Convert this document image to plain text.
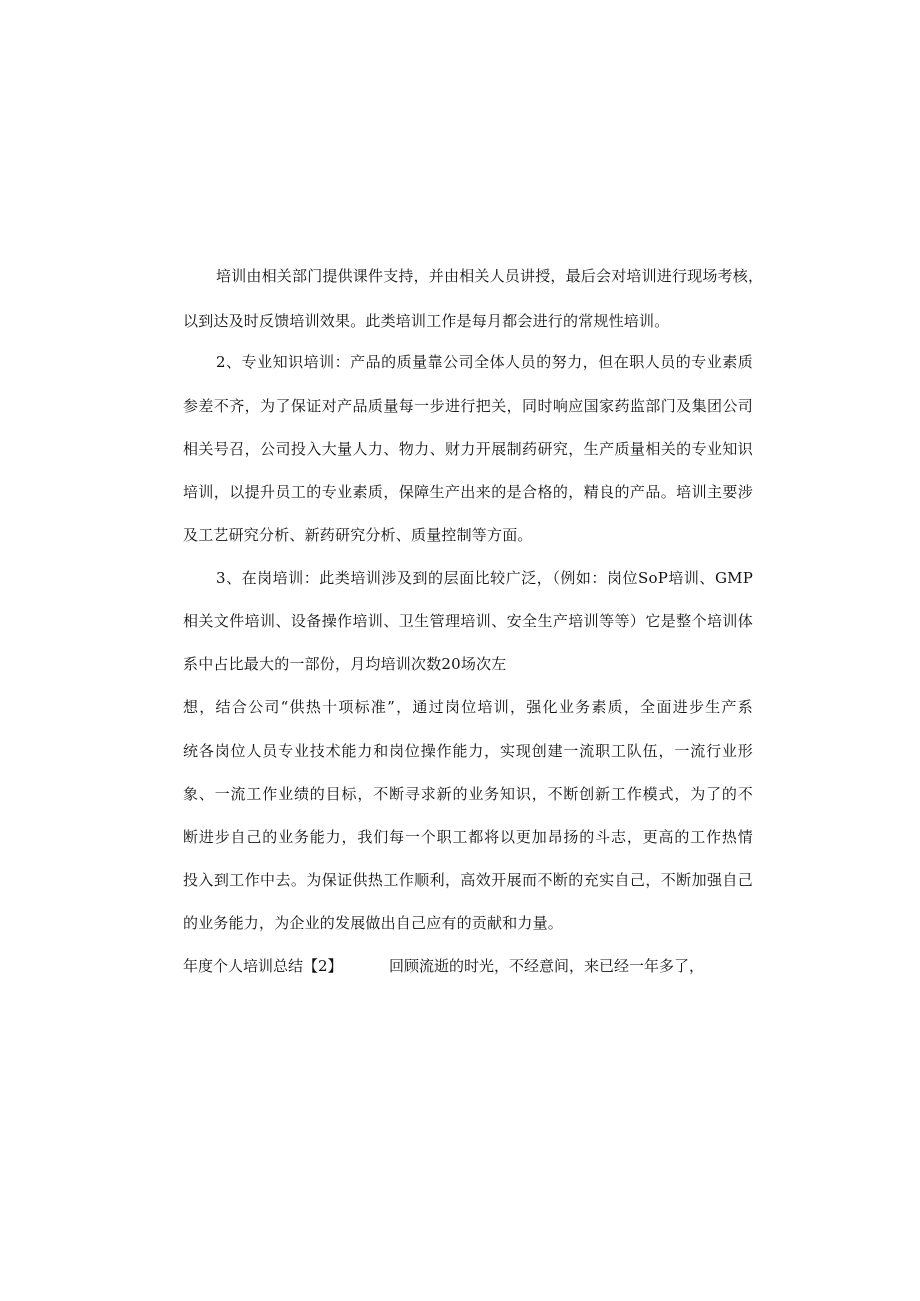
培训由相关部门提供课件支持，并由相关人员讲授，最后会对培训进行现场考核，
以到达及时反馈培训效果。此类培训工作是每月都会进行的常规性培训。
2、专业知识培训：产品的质量靠公司全体人员的努力，但在职人员的专业素质
参差不齐，为了保证对产品质量每一步进行把关，同时响应国家药监部门及集团公司
相关号召，公司投入大量人力、物力、财力开展制药研究，生产质量相关的专业知识
培训，以提升员工的专业素质，保障生产出来的是合格的，精良的产品。培训主要涉
及工艺研究分析、新药研究分析、质量控制等方面。
3、在岗培训：此类培训涉及到的层面比较广泛，（例如：岗位SoP培训、GMP
相关文件培训、设备操作培训、卫生管理培训、安全生产培训等等）它是整个培训体
系中占比最大的一部份，月均培训次数20场次左
想，结合公司“供热十项标准”，通过岗位培训，强化业务素质，全面进步生产系
统各岗位人员专业技术能力和岗位操作能力，实现创建一流职工队伍，一流行业形
象、一流工作业绩的目标，不断寻求新的业务知识，不断创新工作模式，为了的不
断进步自己的业务能力，我们每一个职工都将以更加昂扬的斗志，更高的工作热情
投入到工作中去。为保证供热工作顺利，高效开展而不断的充实自己，不断加强自己
的业务能力，为企业的发展做出自己应有的贡献和力量。
年度个人培训总结【2】	回顾流逝的时光，不经意间，来已经一年多了，
